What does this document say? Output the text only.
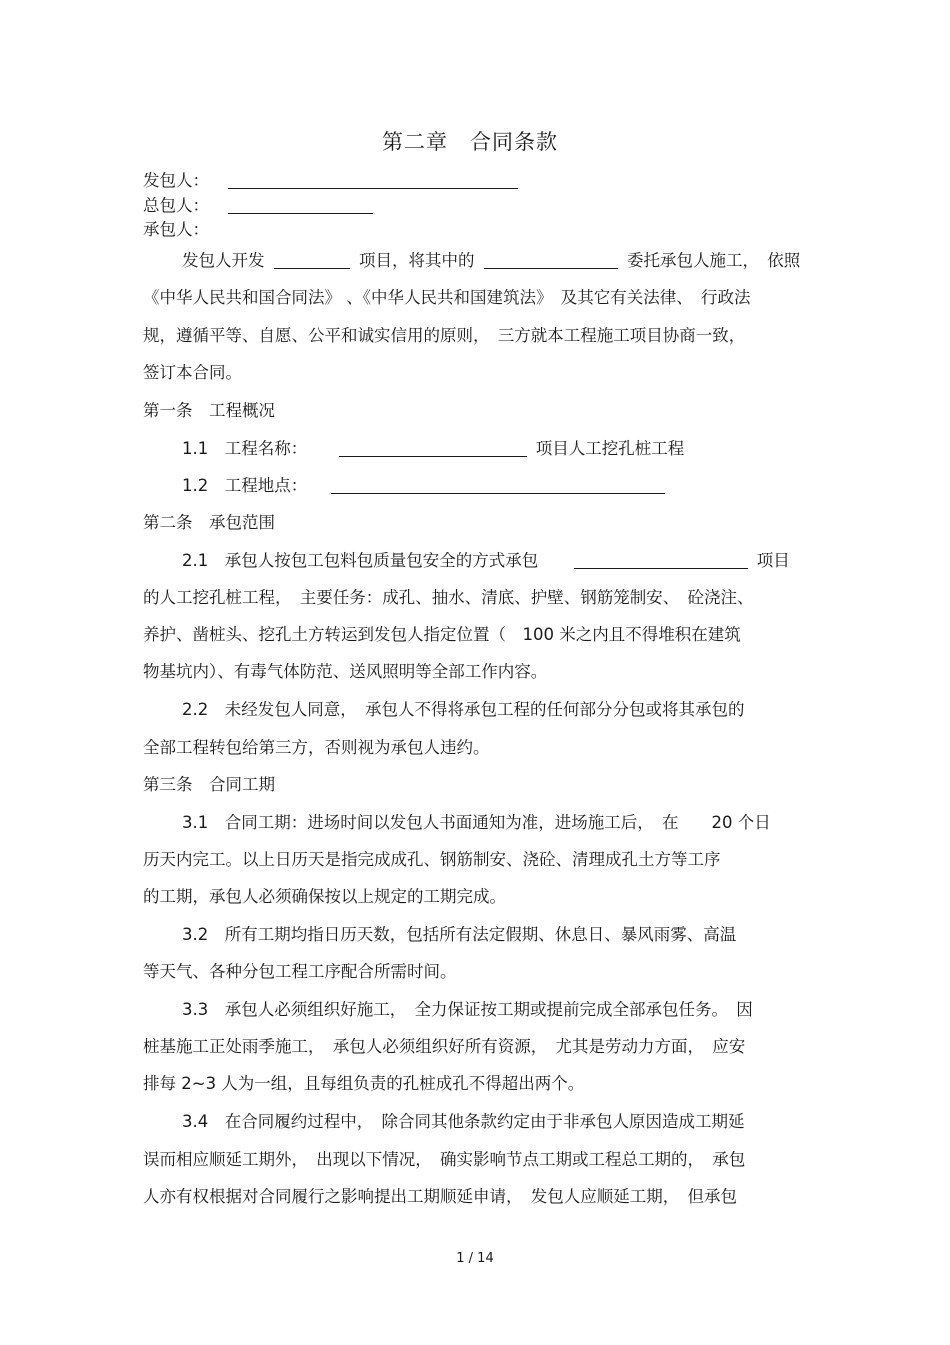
第二章　合同条款
发包人：
总包人：
承包人：
发包人开发	项目，将其中的	委托承包人施工，　依照
《中华人民共和国合同法》 、《中华人民共和国建筑法》　及其它有关法律、　行政法
规，遵循平等、自愿、公平和诚实信用的原则，　三方就本工程施工项目协商一致，
签订本合同。
第一条　工程概况
1.1　工程名称：	项目人工挖孔桩工程
1.2　工程地点：
第二条　承包范围
2.1　承包人按包工包料包质量包安全的方式承包	项目
的人工挖孔桩工程，　主要任务：成孔、抽水、清底、护壁、钢筋笼制安、　砼浇注、
养护、凿桩头、挖孔土方转运到发包人指定位置（　100 米之内且不得堆积在建筑
物基坑内）、有毒气体防范、送风照明等全部工作内容。
2.2　未经发包人同意，　承包人不得将承包工程的任何部分分包或将其承包的
全部工程转包给第三方，否则视为承包人违约。
第三条　合同工期
3.1　合同工期：进场时间以发包人书面通知为准，进场施工后，　在　　20 个日
历天内完工。以上日历天是指完成成孔、钢筋制安、浇砼、清理成孔土方等工序
的工期，承包人必须确保按以上规定的工期完成。
3.2　所有工期均指日历天数，包括所有法定假期、休息日、暴风雨雾、高温
等天气、各种分包工程工序配合所需时间。
3.3　承包人必须组织好施工，　全力保证按工期或提前完成全部承包任务。　因
桩基施工正处雨季施工，　承包人必须组织好所有资源，　尤其是劳动力方面，　应安
排每 2~3 人为一组，且每组负责的孔桩成孔不得超出两个。
3.4　在合同履约过程中，　除合同其他条款约定由于非承包人原因造成工期延
误而相应顺延工期外，　出现以下情况，　确实影响节点工期或工程总工期的，　承包
人亦有权根据对合同履行之影响提出工期顺延申请，　发包人应顺延工期，　但承包
1 / 14
